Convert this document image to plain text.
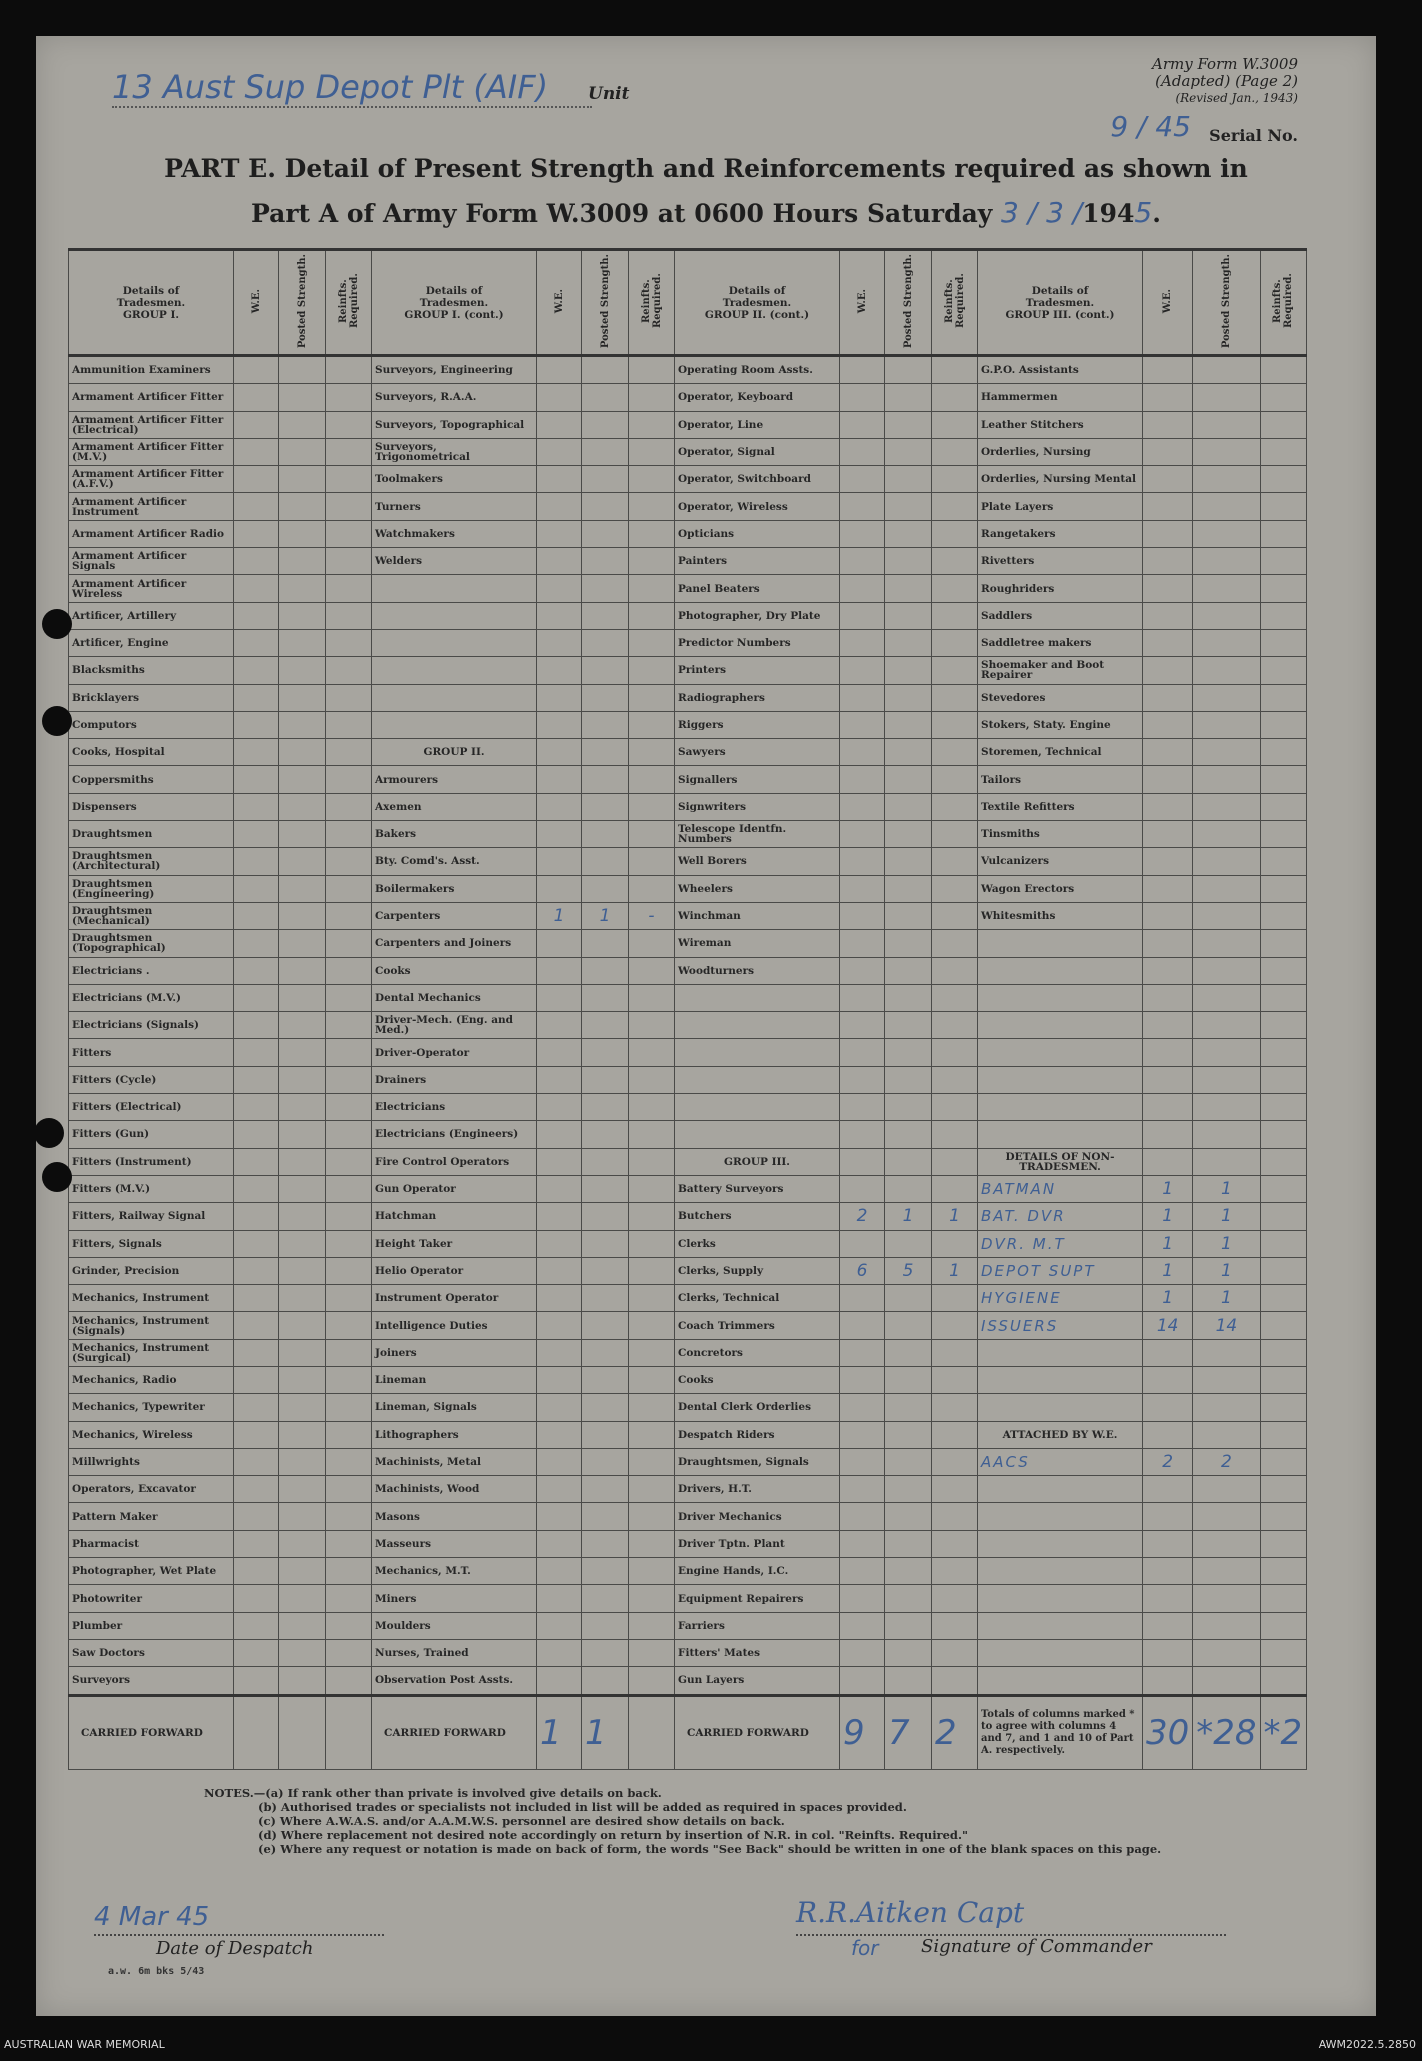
13 Aust Sup Depot Plt (AIF)	Unit
Army Form W.3009
(Adapted) (Page 2)
(Revised Jan., 1943)
9 / 45 Serial No.
PART E. Detail of Present Strength and Reinforcements required as shown in
Part A of Army Form W.3009 at 0600 Hours Saturday 3 / 3 /1945.
Details of
Tradesmen.
GROUP I.	W.E.	Posted Strength.	Reinfts. Required.	Details of
Tradesmen.
GROUP I. (cont.)	W.E.	Posted Strength.	Reinfts. Required.	Details of
Tradesmen.
GROUP II. (cont.)	W.E.	Posted Strength.	Reinfts. Required.	Details of
Tradesmen.
GROUP III. (cont.)	W.E.	Posted Strength.	Reinfts. Required.
Ammunition Examiners				Surveyors, Engineering				Operating Room Assts.				G.P.O. Assistants			
Armament Artificer Fitter				Surveyors, R.A.A.				Operator, Keyboard				Hammermen			
Armament Artificer Fitter (Electrical)				Surveyors, Topographical				Operator, Line				Leather Stitchers			
Armament Artificer Fitter (M.V.)				Surveyors, Trigonometrical				Operator, Signal				Orderlies, Nursing			
Armament Artificer Fitter (A.F.V.)				Toolmakers				Operator, Switchboard				Orderlies, Nursing Mental			
Armament Artificer Instrument				Turners				Operator, Wireless				Plate Layers			
Armament Artificer Radio				Watchmakers				Opticians				Rangetakers			
Armament Artificer Signals				Welders				Painters				Rivetters			
Armament Artificer Wireless								Panel Beaters				Roughriders			
Artificer, Artillery								Photographer, Dry Plate				Saddlers			
Artificer, Engine								Predictor Numbers				Saddletree makers			
Blacksmiths								Printers				Shoemaker and Boot Repairer			
Bricklayers								Radiographers				Stevedores			
Computors								Riggers				Stokers, Staty. Engine			
Cooks, Hospital				GROUP II.				Sawyers				Storemen, Technical			
Coppersmiths				Armourers				Signallers				Tailors			
Dispensers				Axemen				Signwriters				Textile Refitters			
Draughtsmen				Bakers				Telescope Identfn. Numbers				Tinsmiths			
Draughtsmen (Architectural)				Bty. Comd's. Asst.				Well Borers				Vulcanizers			
Draughtsmen (Engineering)				Boilermakers				Wheelers				Wagon Erectors			
Draughtsmen (Mechanical)				Carpenters	1	1	-	Winchman				Whitesmiths			
Draughtsmen (Topographical)				Carpenters and Joiners				Wireman							
Electricians .				Cooks				Woodturners							
Electricians (M.V.)				Dental Mechanics											
Electricians (Signals)				Driver-Mech. (Eng. and Med.)											
Fitters				Driver-Operator											
Fitters (Cycle)				Drainers											
Fitters (Electrical)				Electricians											
Fitters (Gun)				Electricians (Engineers)											
Fitters (Instrument)				Fire Control Operators				GROUP III.				DETAILS OF NON-TRADESMEN.			
Fitters (M.V.)				Gun Operator				Battery Surveyors				BATMAN	1	1	
Fitters, Railway Signal				Hatchman				Butchers	2	1	1	BAT. DVR	1	1	
Fitters, Signals				Height Taker				Clerks				DVR. M.T	1	1	
Grinder, Precision				Helio Operator				Clerks, Supply	6	5	1	DEPOT SUPT	1	1	
Mechanics, Instrument				Instrument Operator				Clerks, Technical				HYGIENE	1	1	
Mechanics, Instrument (Signals)				Intelligence Duties				Coach Trimmers				ISSUERS	14	14	
Mechanics, Instrument (Surgical)				Joiners				Concretors							
Mechanics, Radio				Lineman				Cooks							
Mechanics, Typewriter				Lineman, Signals				Dental Clerk Orderlies							
Mechanics, Wireless				Lithographers				Despatch Riders				ATTACHED BY W.E.			
Millwrights				Machinists, Metal				Draughtsmen, Signals				AACS	2	2	
Operators, Excavator				Machinists, Wood				Drivers, H.T.							
Pattern Maker				Masons				Driver Mechanics							
Pharmacist				Masseurs				Driver Tptn. Plant							
Photographer, Wet Plate				Mechanics, M.T.				Engine Hands, I.C.							
Photowriter				Miners				Equipment Repairers							
Plumber				Moulders				Farriers							
Saw Doctors				Nurses, Trained				Fitters' Mates							
Surveyors				Observation Post Assts.				Gun Layers							
CARRIED FORWARD				CARRIED FORWARD	1	1		CARRIED FORWARD	9	7	2	Totals of columns marked * to agree with columns 4 and 7, and 1 and 10 of Part A. respectively.	30	*28	*2
NOTES.—(a) If rank other than private is involved give details on back.
(b) Authorised trades or specialists not included in list will be added as required in spaces provided.
(c) Where A.W.A.S. and/or A.A.M.W.S. personnel are desired show details on back.
(d) Where replacement not desired note accordingly on return by insertion of N.R. in col. "Reinfts. Required."
(e) Where any request or notation is made on back of form, the words "See Back" should be written in one of the blank spaces on this page.
4 Mar 45
Date of Despatch
a.w. 6m bks 5/43
R.R.Aitken Capt
for Signature of Commander
AUSTRALIAN WAR MEMORIAL	AWM2022.5.2850
